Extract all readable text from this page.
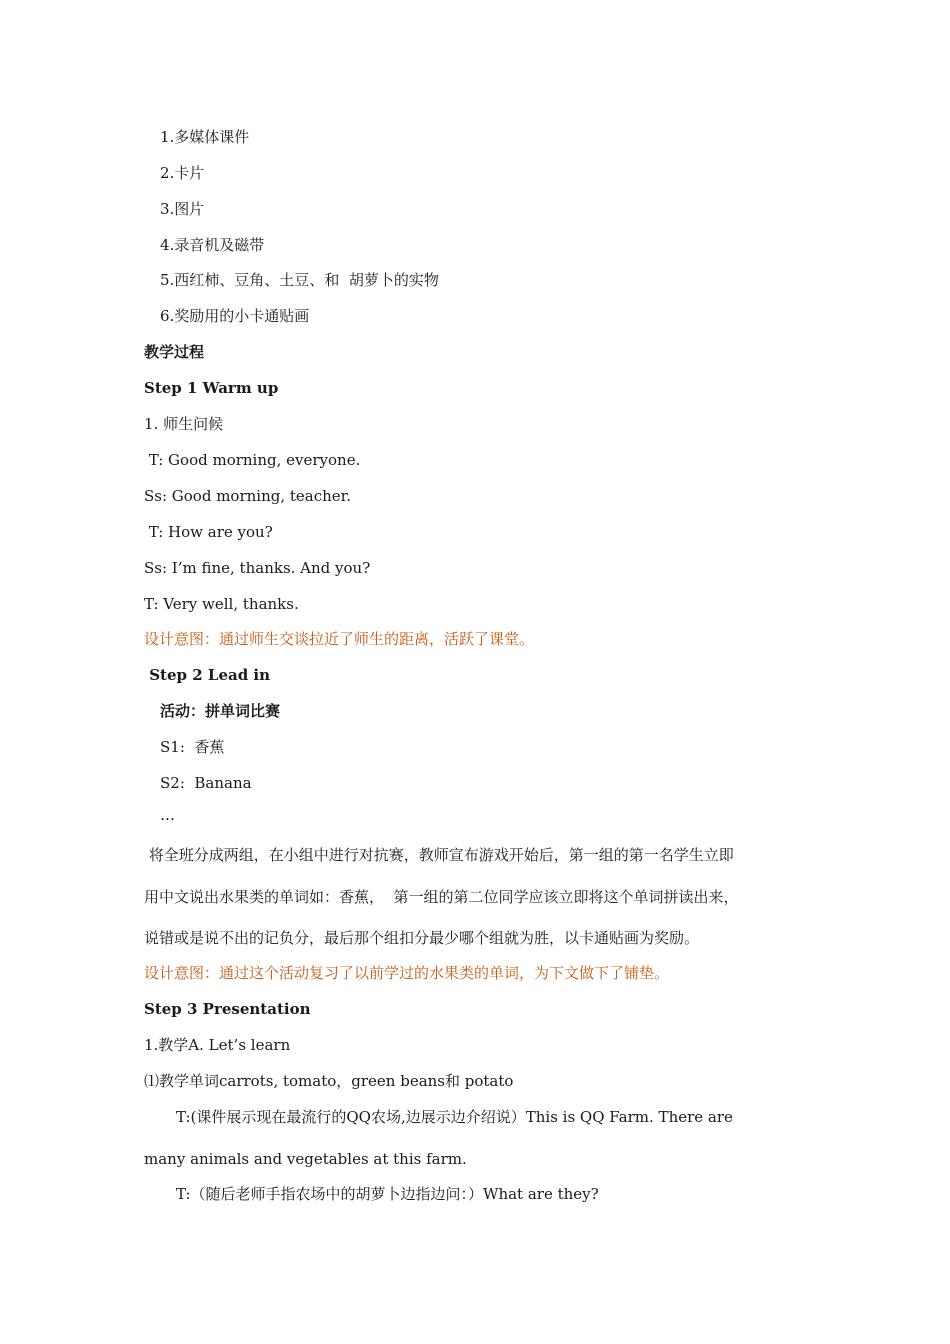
1.多媒体课件
2.卡片
3.图片
4.录音机及磁带
5.西红柿、豆角、土豆、和  胡萝卜的实物
6.奖励用的小卡通贴画
教学过程
Step 1 Warm up
1. 师生问候
T: Good morning, everyone.
Ss: Good morning, teacher.
T: How are you?
Ss: I’m fine, thanks. And you?
T: Very well, thanks.
设计意图：通过师生交谈拉近了师生的距离，活跃了课堂。
Step 2 Lead in
活动：拼单词比赛
S1:  香蕉
S2:  Banana
…
将全班分成两组，在小组中进行对抗赛，教师宣布游戏开始后，第一组的第一名学生立即
用中文说出水果类的单词如：香蕉，  第一组的第二位同学应该立即将这个单词拼读出来，
说错或是说不出的记负分，最后那个组扣分最少哪个组就为胜，以卡通贴画为奖励。
设计意图：通过这个活动复习了以前学过的水果类的单词，为下文做下了铺垫。
Step 3 Presentation
1.教学A. Let’s learn
⑴教学单词carrots, tomato，green beans和 potato
T:(课件展示现在最流行的QQ农场,边展示边介绍说）This is QQ Farm. There are
many animals and vegetables at this farm.
T:（随后老师手指农场中的胡萝卜边指边问：）What are they?
